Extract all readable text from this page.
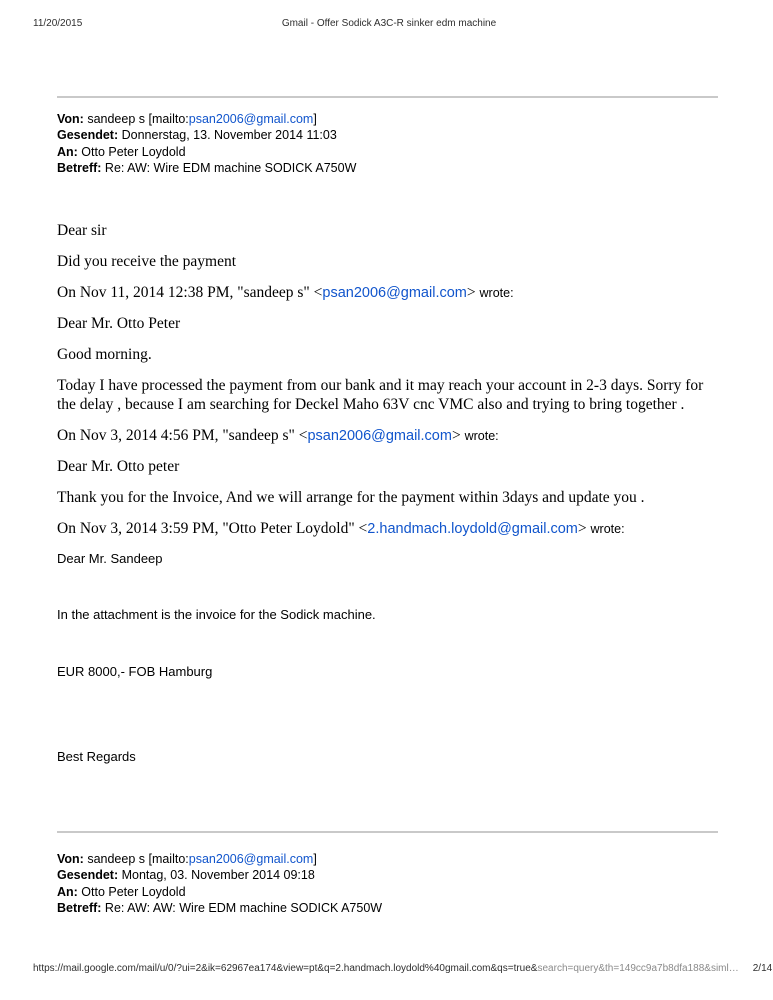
11/20/2015	Gmail - Offer Sodick A3C-R sinker edm machine
Von: sandeep s [mailto:psan2006@gmail.com]
Gesendet: Donnerstag, 13. November 2014 11:03
An: Otto Peter Loydold
Betreff: Re: AW: Wire EDM machine SODICK A750W

Dear sir

Did you receive the payment

On Nov 11, 2014 12:38 PM, "sandeep s" <psan2006@gmail.com> wrote:

Dear Mr. Otto Peter

Good morning.

Today I have processed the payment from our bank and it may reach your account in 2-3 days. Sorry for the delay , because I am searching for Deckel Maho 63V cnc VMC also and trying to bring together .

On Nov 3, 2014 4:56 PM, "sandeep s" <psan2006@gmail.com> wrote:

Dear Mr. Otto peter

Thank you for the Invoice, And we will arrange for the payment within 3days and update you .

On Nov 3, 2014 3:59 PM, "Otto Peter Loydold" <2.handmach.loydold@gmail.com> wrote:

Dear Mr. Sandeep

In the attachment is the invoice for the Sodick machine.

EUR 8000,- FOB Hamburg

Best Regards

Von: sandeep s [mailto:psan2006@gmail.com]
Gesendet: Montag, 03. November 2014 09:18
An: Otto Peter Loydold
Betreff: Re: AW: AW: Wire EDM machine SODICK A750W
https://mail.google.com/mail/u/0/?ui=2&ik=62967ea174&view=pt&q=2.handmach.loydold%40gmail.com&qs=true&search=query&th=149cc9a7b8dfa188&siml… 2/14
